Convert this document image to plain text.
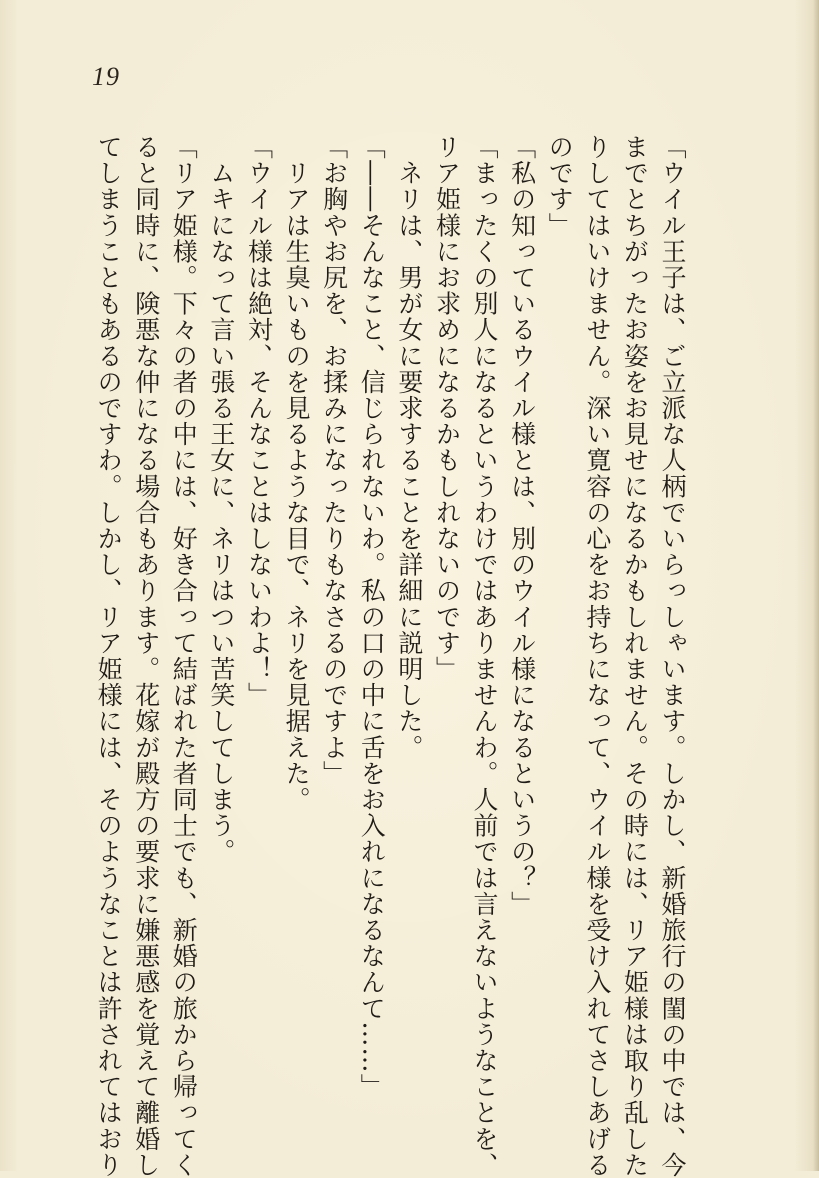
19
「ウイル王子は、ご立派な人柄でいらっしゃいます。しかし、新婚旅行の閨の中では、今
までとちがったお姿をお見せになるかもしれません。その時には、リア姫様は取り乱した
りしてはいけません。深い寛容の心をお持ちになって、ウイル様を受け入れてさしあげる
のです」
「私の知っているウイル様とは、別のウイル様になるというの？」
「まったくの別人になるというわけではありませんわ。人前では言えないようなことを、
リア姫様にお求めになるかもしれないのです」
　ネリは、男が女に要求することを詳細に説明した。
「――そんなこと、信じられないわ。私の口の中に舌をお入れになるなんて……」
「お胸やお尻を、お揉みになったりもなさるのですよ」
　リアは生臭いものを見るような目で、ネリを見据えた。
「ウイル様は絶対、そんなことはしないわよ！」
　ムキになって言い張る王女に、ネリはつい苦笑してしまう。
「リア姫様。下々の者の中には、好き合って結ばれた者同士でも、新婚の旅から帰ってく
ると同時に、険悪な仲になる場合もあります。花嫁が殿方の要求に嫌悪感を覚えて離婚し
てしまうこともあるのですわ。しかし、リア姫様には、そのようなことは許されてはおり
